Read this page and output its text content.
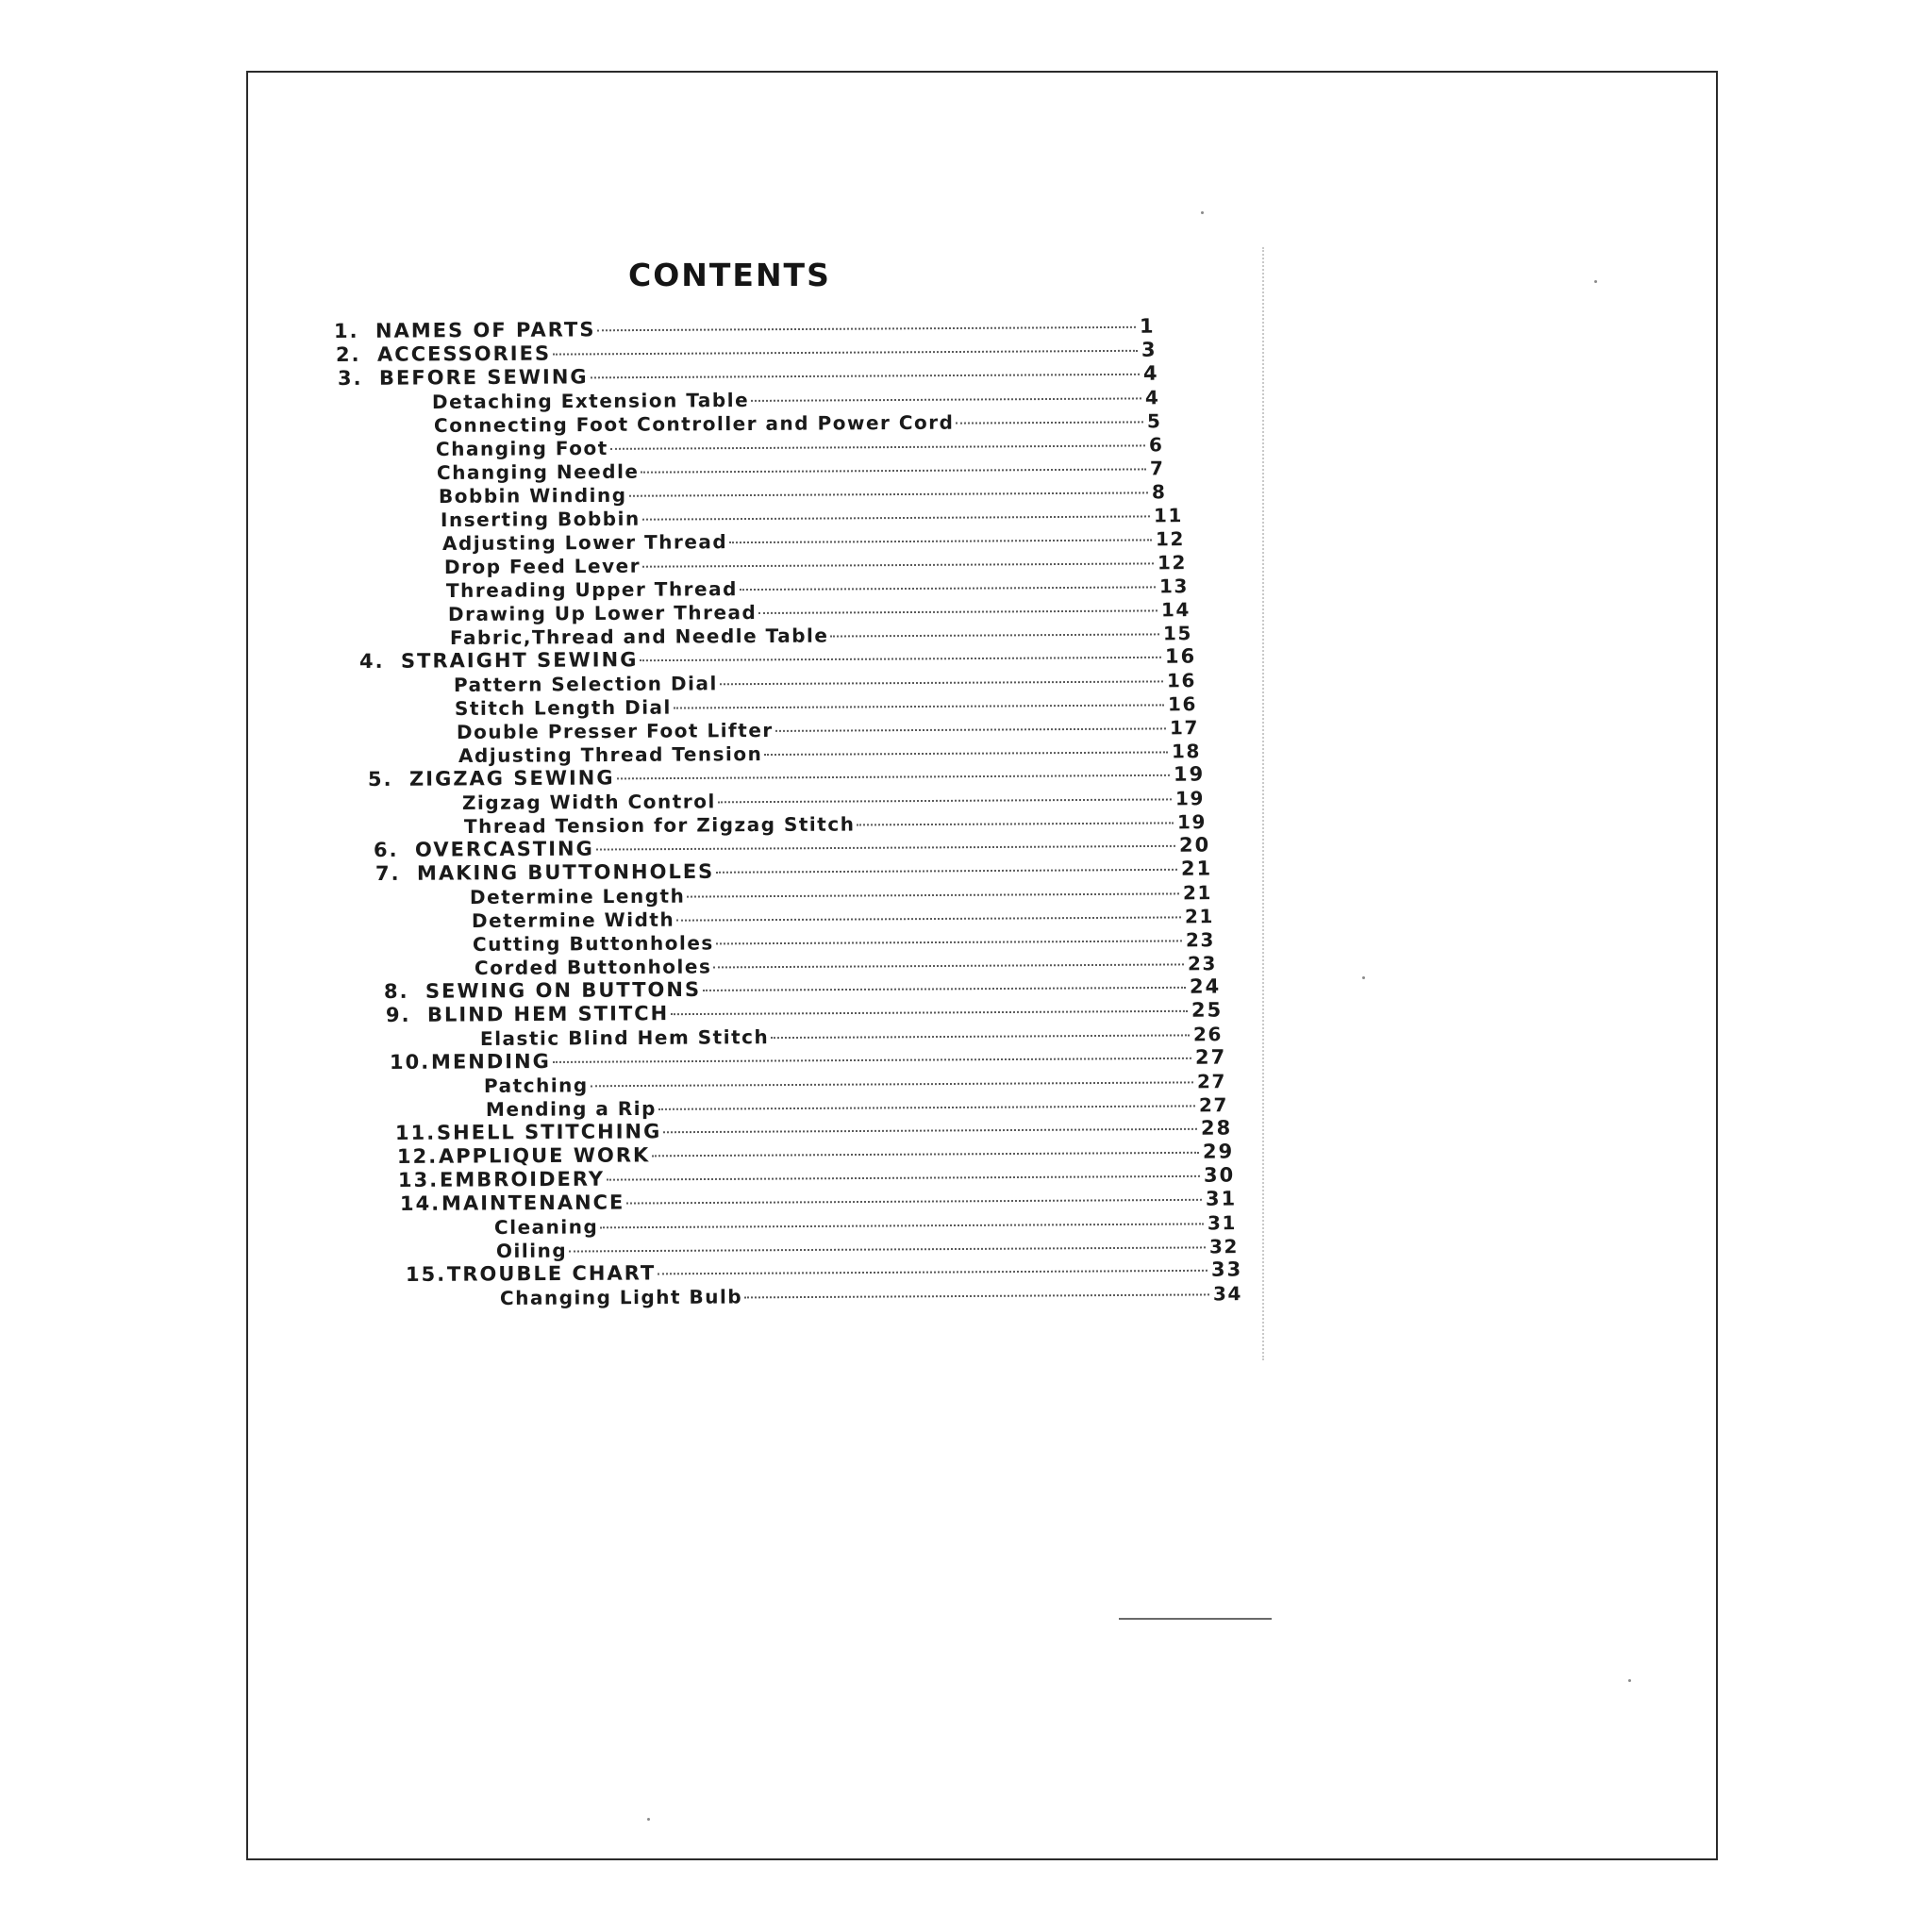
CONTENTS
1. NAMES OF PARTS	1
2. ACCESSORIES	3
3. BEFORE SEWING	4
Detaching Extension Table	4
Connecting Foot Controller and Power Cord	5
Changing Foot	6
Changing Needle	7
Bobbin Winding	8
Inserting Bobbin	11
Adjusting Lower Thread	12
Drop Feed Lever	12
Threading Upper Thread	13
Drawing Up Lower Thread	14
Fabric,Thread and Needle Table	15
4. STRAIGHT SEWING	16
Pattern Selection Dial	16
Stitch Length Dial	16
Double Presser Foot Lifter	17
Adjusting Thread Tension	18
5. ZIGZAG SEWING	19
Zigzag Width Control	19
Thread Tension for Zigzag Stitch	19
6. OVERCASTING	20
7. MAKING BUTTONHOLES	21
Determine Length	21
Determine Width	21
Cutting Buttonholes	23
Corded Buttonholes	23
8. SEWING ON BUTTONS	24
9. BLIND HEM STITCH	25
Elastic Blind Hem Stitch	26
10.MENDING	27
Patching	27
Mending a Rip	27
11.SHELL STITCHING	28
12.APPLIQUE WORK	29
13.EMBROIDERY	30
14.MAINTENANCE	31
Cleaning	31
Oiling	32
15.TROUBLE CHART	33
Changing Light Bulb	34
